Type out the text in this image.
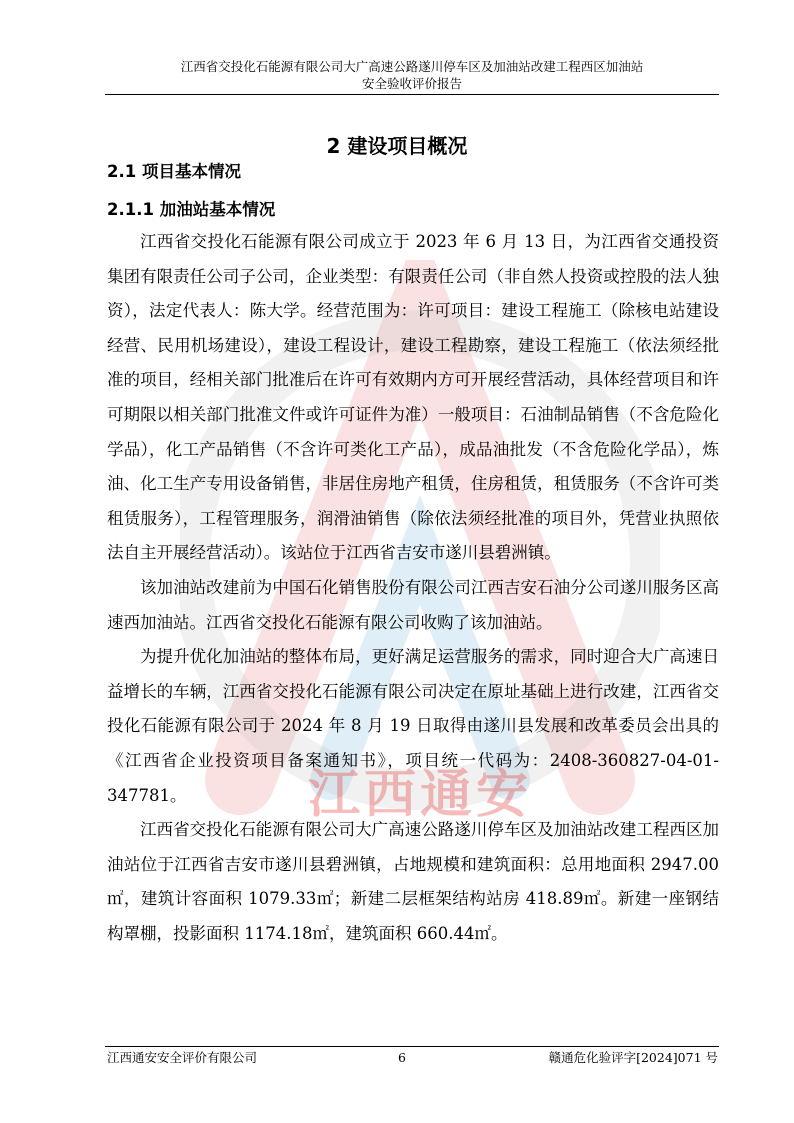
江西省交投化石能源有限公司大广高速公路遂川停车区及加油站改建工程西区加油站
安全验收评价报告
江西通安
2 建设项目概况
2.1 项目基本情况
2.1.1 加油站基本情况

江西省交投化石能源有限公司成立于 2023 年 6 月 13 日，为江西省交通投资集团有限责任公司子公司，企业类型：有限责任公司（非自然人投资或控股的法人独资），法定代表人：陈大学。经营范围为：许可项目：建设工程施工（除核电站建设经营、民用机场建设），建设工程设计，建设工程勘察，建设工程施工（依法须经批准的项目，经相关部门批准后在许可有效期内方可开展经营活动，具体经营项目和许可期限以相关部门批准文件或许可证件为准）一般项目：石油制品销售（不含危险化学品），化工产品销售（不含许可类化工产品），成品油批发（不含危险化学品），炼油、化工生产专用设备销售，非居住房地产租赁，住房租赁，租赁服务（不含许可类租赁服务），工程管理服务，润滑油销售（除依法须经批准的项目外，凭营业执照依法自主开展经营活动）。该站位于江西省吉安市遂川县碧洲镇。

该加油站改建前为中国石化销售股份有限公司江西吉安石油分公司遂川服务区高速西加油站。江西省交投化石能源有限公司收购了该加油站。

为提升优化加油站的整体布局，更好满足运营服务的需求，同时迎合大广高速日益增长的车辆，江西省交投化石能源有限公司决定在原址基础上进行改建，江西省交投化石能源有限公司于 2024 年 8 月 19 日取得由遂川县发展和改革委员会出具的《江西省企业投资项目备案通知书》，项目统一代码为：2408-360827-04-01-347781。

江西省交投化石能源有限公司大广高速公路遂川停车区及加油站改建工程西区加油站位于江西省吉安市遂川县碧洲镇，占地规模和建筑面积：总用地面积 2947.00㎡，建筑计容面积 1079.33㎡；新建二层框架结构站房 418.89㎡。新建一座钢结构罩棚，投影面积 1174.18㎡，建筑面积 660.44㎡。

江西通安安全评价有限公司	6	赣通危化验评字[2024]071 号
